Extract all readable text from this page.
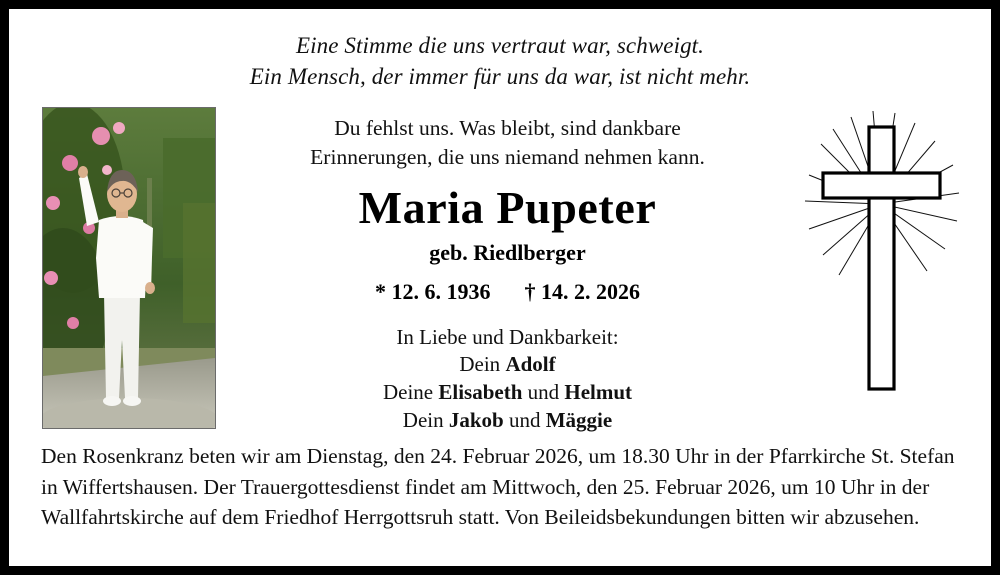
Eine Stimme die uns vertraut war, schweigt.
Ein Mensch, der immer für uns da war, ist nicht mehr.
Du fehlst uns. Was bleibt, sind dankbare
Erinnerungen, die uns niemand nehmen kann.
Maria Pupeter
geb. Riedlberger
* 12. 6. 1936 † 14. 2. 2026
In Liebe und Dankbarkeit:
Dein Adolf
Deine Elisabeth und Helmut
Dein Jakob und Mäggie
Den Rosenkranz beten wir am Dienstag, den 24. Februar 2026, um 18.30 Uhr in der Pfarrkirche St. Stefan in Wiffertshausen. Der Trauergottesdienst findet am Mittwoch, den 25. Februar 2026, um 10 Uhr in der Wallfahrtskirche auf dem Friedhof Herrgottsruh statt. Von Beileidsbekundungen bitten wir abzusehen.
